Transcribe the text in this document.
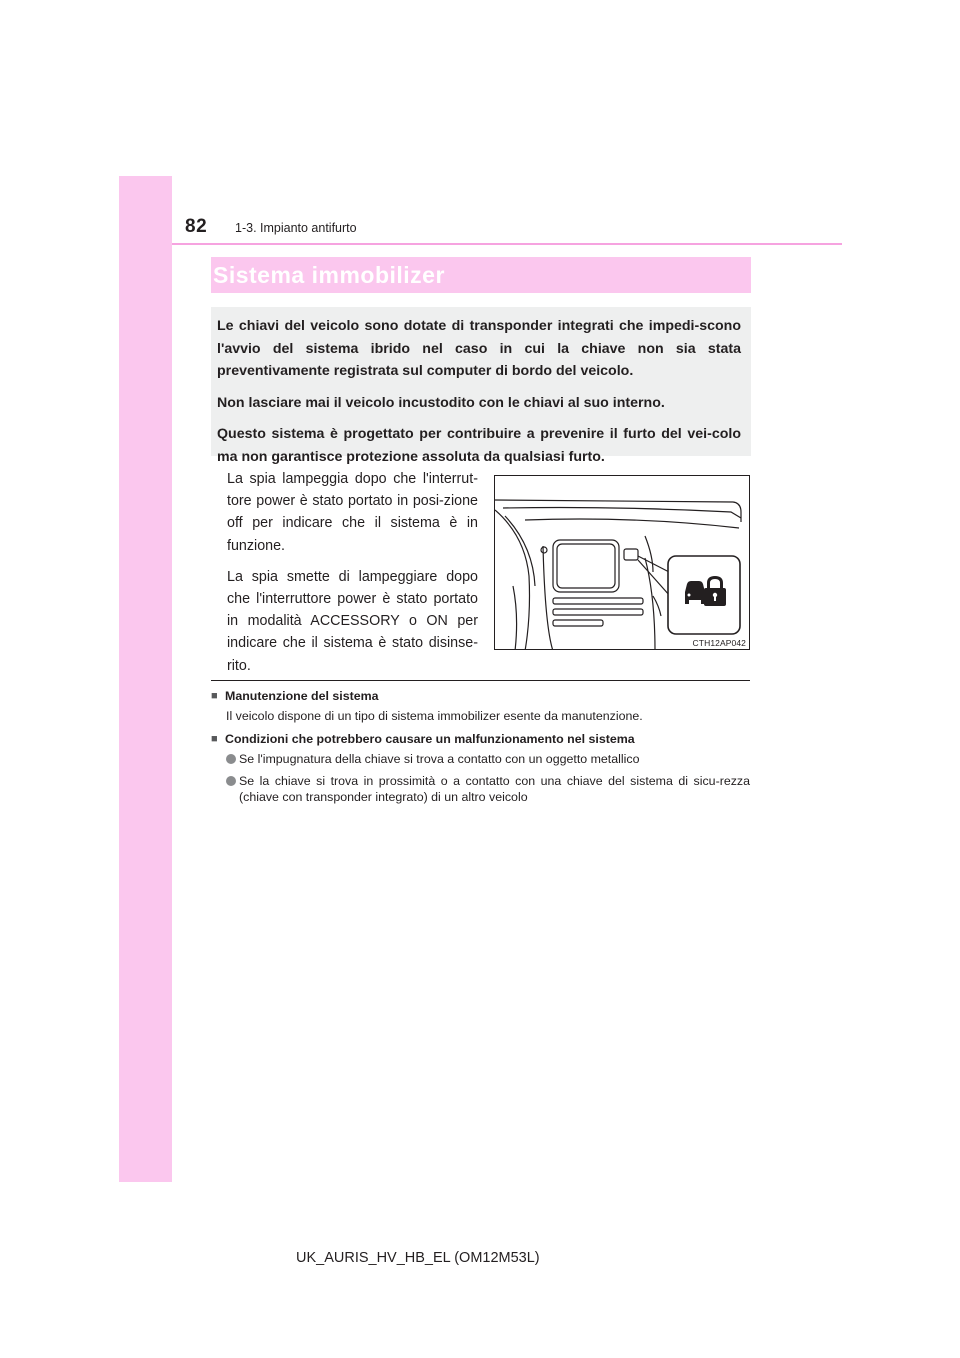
82 1-3. Impianto antifurto
Sistema immobilizer

Le chiavi del veicolo sono dotate di transponder integrati che impedi-scono l'avvio del sistema ibrido nel caso in cui la chiave non sia stata preventivamente registrata sul computer di bordo del veicolo.

Non lasciare mai il veicolo incustodito con le chiavi al suo interno.

Questo sistema è progettato per contribuire a prevenire il furto del vei-colo ma non garantisce protezione assoluta da qualsiasi furto.

La spia lampeggia dopo che l'interrut-tore power è stato portato in posi-zione off per indicare che il sistema è in funzione.

La spia smette di lampeggiare dopo che l'interruttore power è stato portato in modalità ACCESSORY o ON per indicare che il sistema è stato disinse-rito.

CTH12AP042
■ Manutenzione del sistema
Il veicolo dispone di un tipo di sistema immobilizer esente da manutenzione.
■ Condizioni che potrebbero causare un malfunzionamento nel sistema
Se l'impugnatura della chiave si trova a contatto con un oggetto metallico
Se la chiave si trova in prossimità o a contatto con una chiave del sistema di sicu-rezza (chiave con transponder integrato) di un altro veicolo
UK_AURIS_HV_HB_EL (OM12M53L)
